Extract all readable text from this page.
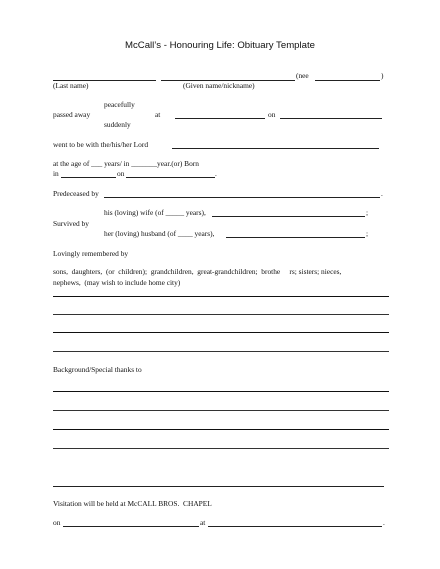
McCall’s - Honouring Life: Obituary Template
(nee	)
(Last name)	(Given name/nickname)
peacefully
passed away	at	on
suddenly
went to be with the/his/her Lord
at the age of ___ years/ in _______year.(or) Born
in	on	.
Predeceased by	.
his (loving) wife (of _____ years),	;
Survived by
her (loving) husband (of ____ years),	;
Lovingly remembered by
sons,  daughters,  (or  children);  grandchildren,  great-grandchildren;  brothe     rs; sisters; nieces,
nephews,  (may wish to include home city)
Background/Special thanks to
Visitation will be held at McCALL BROS.  CHAPEL
on	at	.
